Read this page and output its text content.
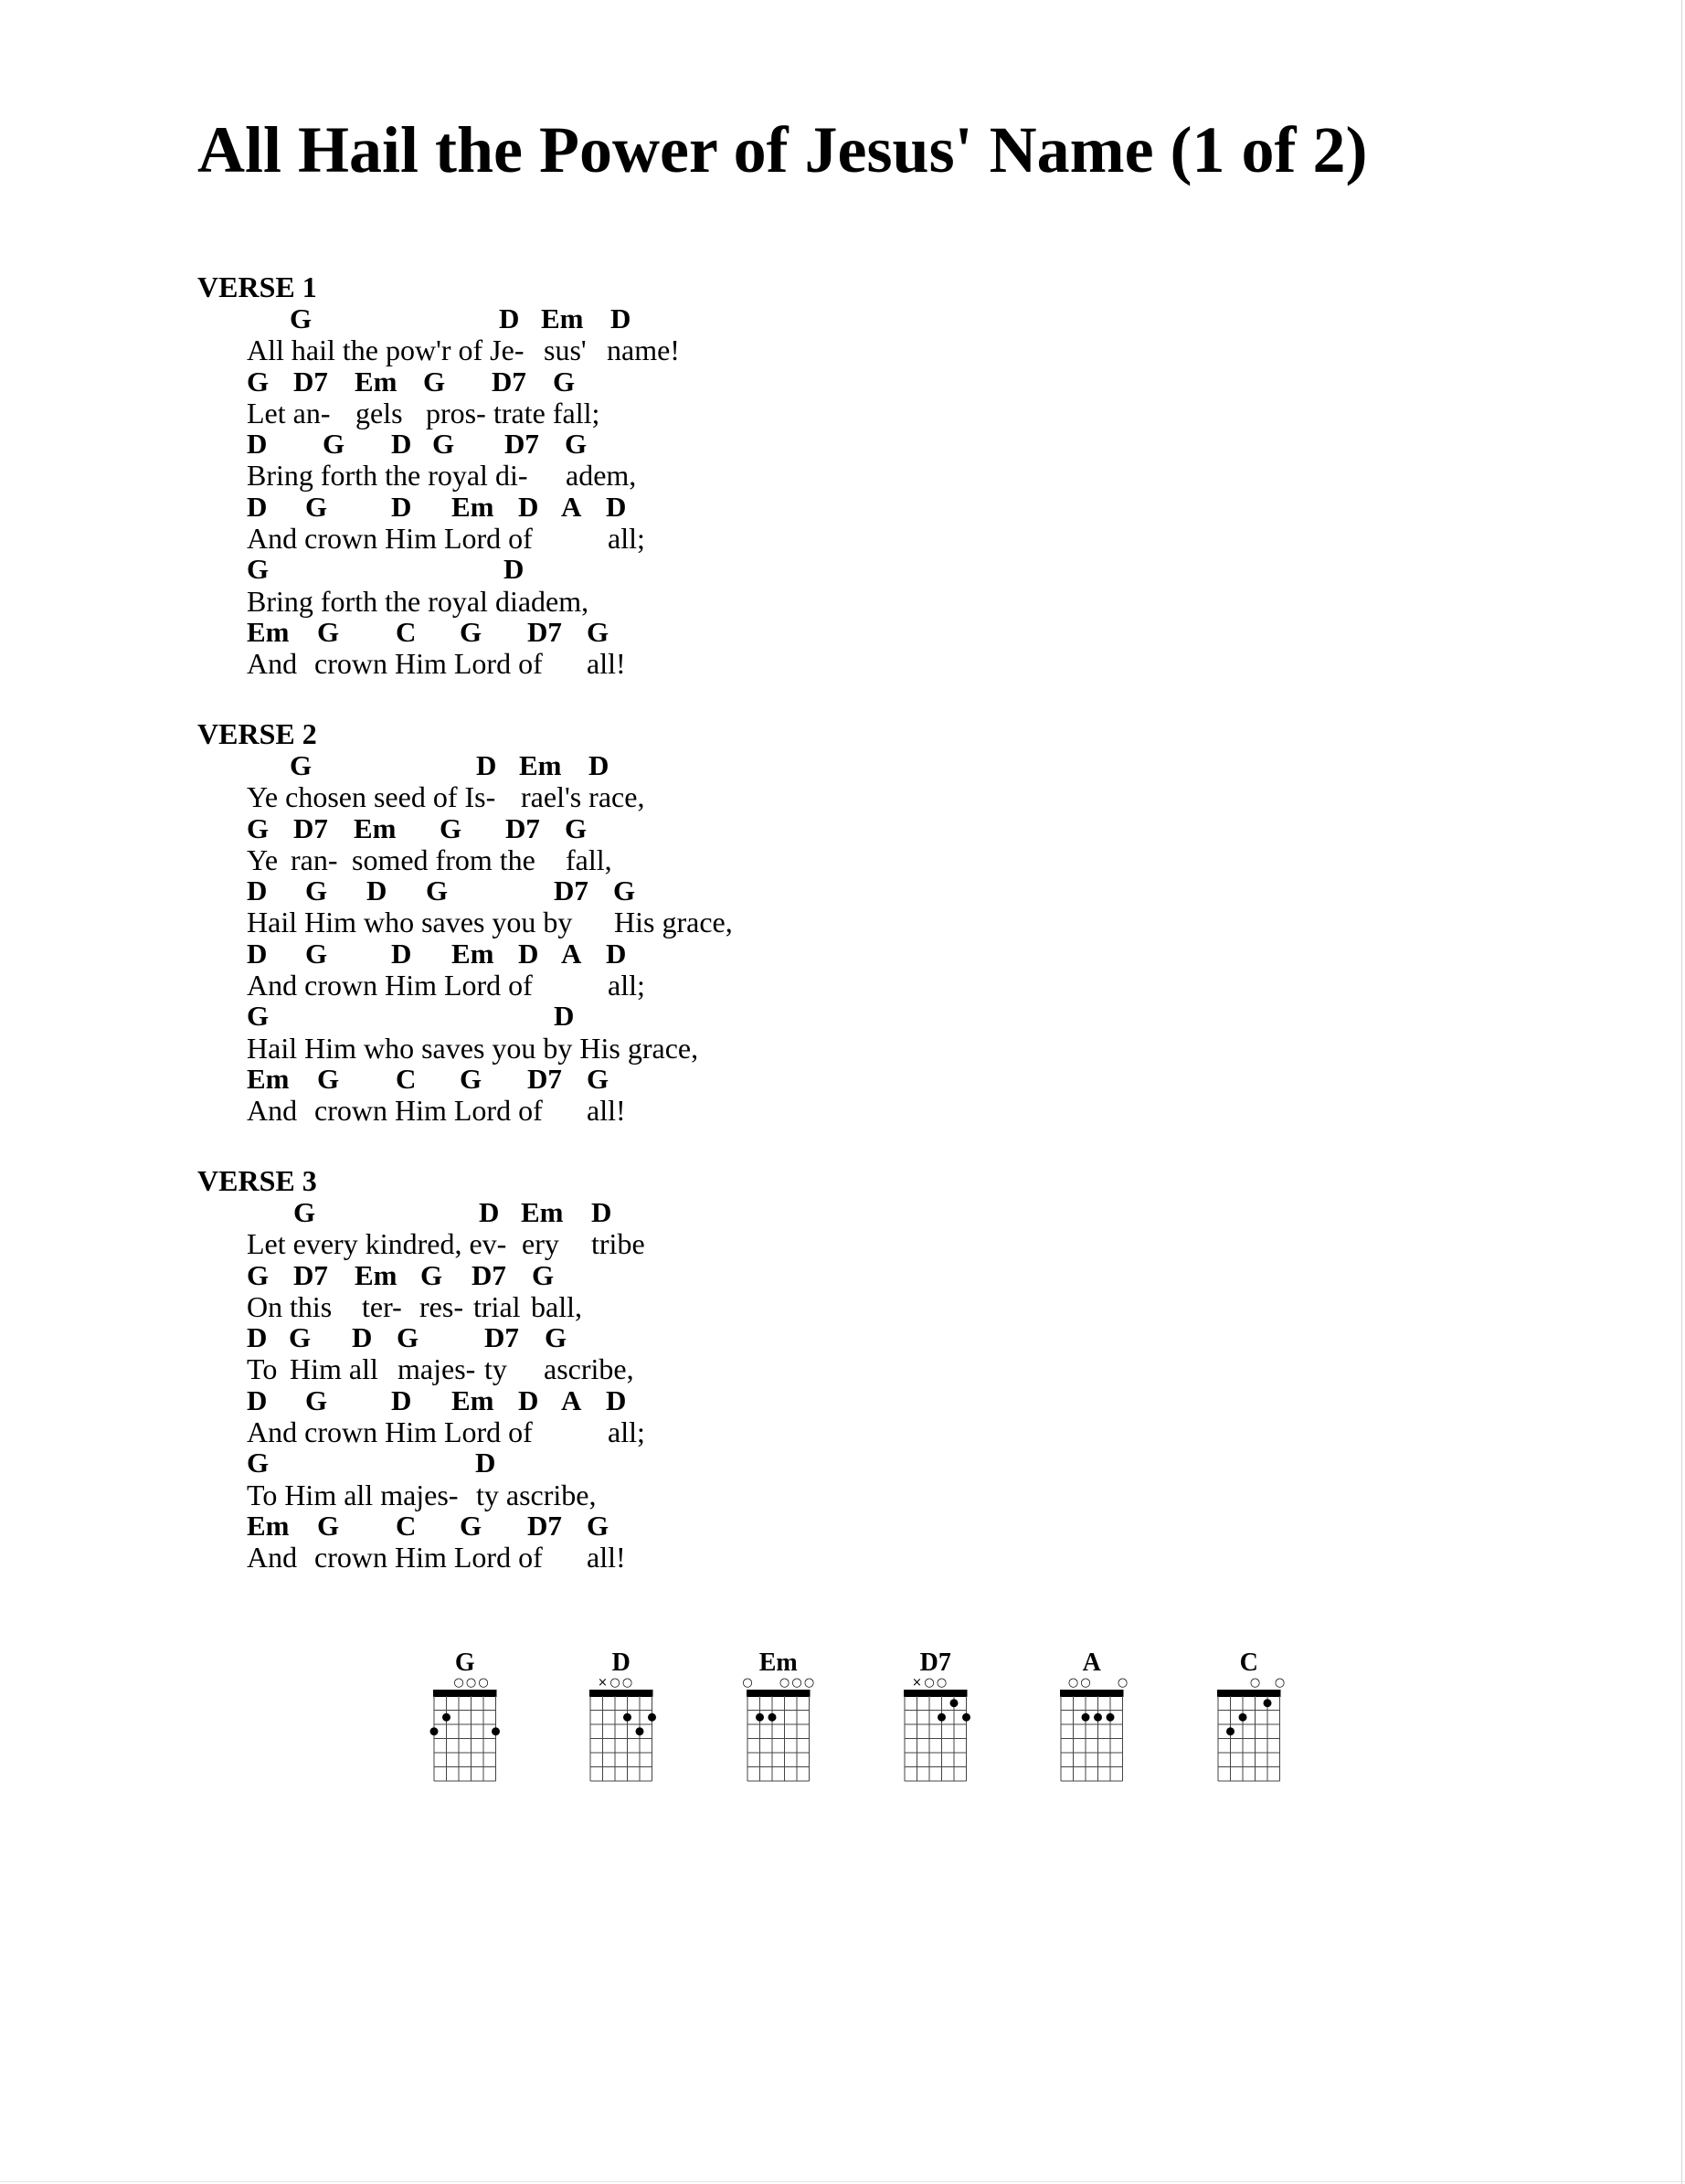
All Hail the Power of Jesus' Name (1 of 2)
VERSE 1
G	D Em D
All hail the pow'r of Je- sus' name!
G D7 Em G D7 G
Let an- gels pros- trate fall;
D G D G D7 G
Bring forth the royal di- adem,
D G D Em D A D
And crown Him Lord of	all;
G	D
Bring forth the royal diadem,
Em G C G D7 G
And crown Him Lord of all!
VERSE 2
G	D Em D
Ye chosen seed of Is- rael's race,
G D7 Em G D7 G
Ye ran- somed from the fall,
D G D G	D7 G
Hail Him who saves you by His grace,
D G D Em D A D
And crown Him Lord of	all;
G	D
Hail Him who saves you by His grace,
Em G C G D7 G
And crown Him Lord of all!
VERSE 3
G	D Em D
Let every kindred, ev- ery tribe
G D7 Em G D7 G
On this ter- res- trial ball,
D G D G D7 G
To Him all majes- ty ascribe,
D G D Em D A D
And crown Him Lord of	all;
G	D
To Him all majes- ty ascribe,
Em G C G D7 G
And crown Him Lord of all!
G
○ ○ ○
D
× ○ ○
Em
○ ○ ○ ○
D7
× ○ ○
A
○ ○ ○
C
○ ○
